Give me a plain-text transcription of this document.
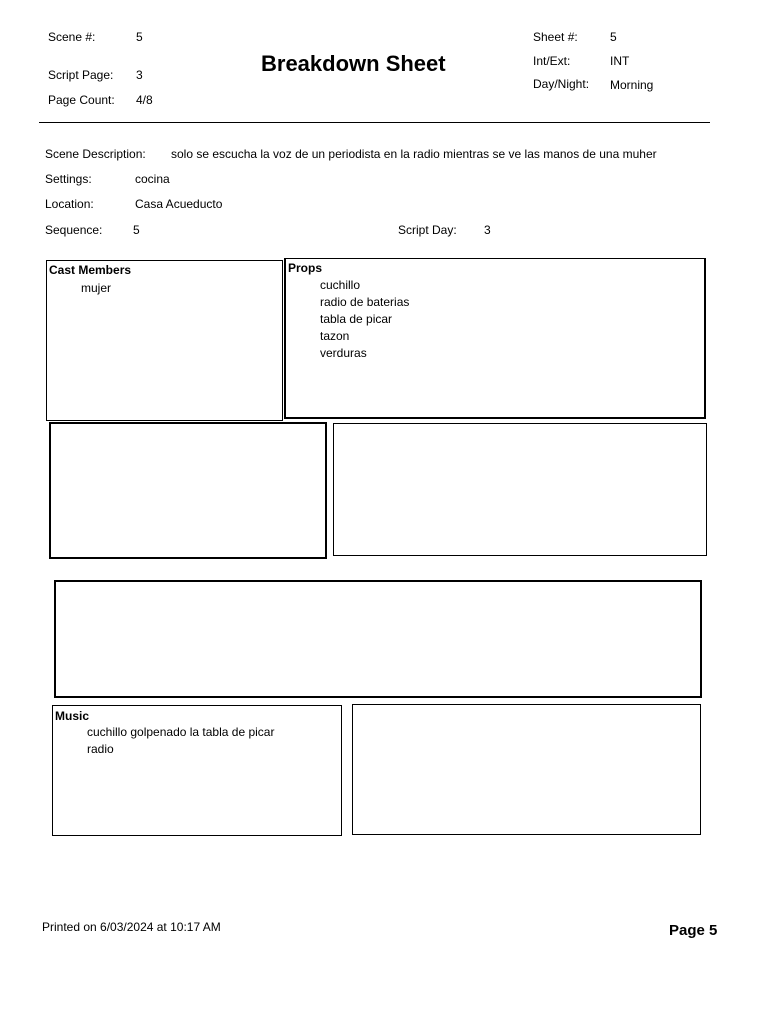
Scene #:	5
Script Page: 3
Page Count: 4/8
Breakdown Sheet
Sheet #:	5
Int/Ext:	INT
Day/Night: Morning
Scene Description: solo se escucha la voz de un periodista en la radio mientras se ve las manos de una muher
Settings:	cocina
Location:	Casa Acueducto
Sequence:	5	Script Day: 3
Cast Members
mujer
Props
cuchillo
radio de baterias
tabla de picar
tazon
verduras
Music
cuchillo golpenado la tabla de picar
radio
Printed on 6/03/2024 at 10:17 AM	Page 5
